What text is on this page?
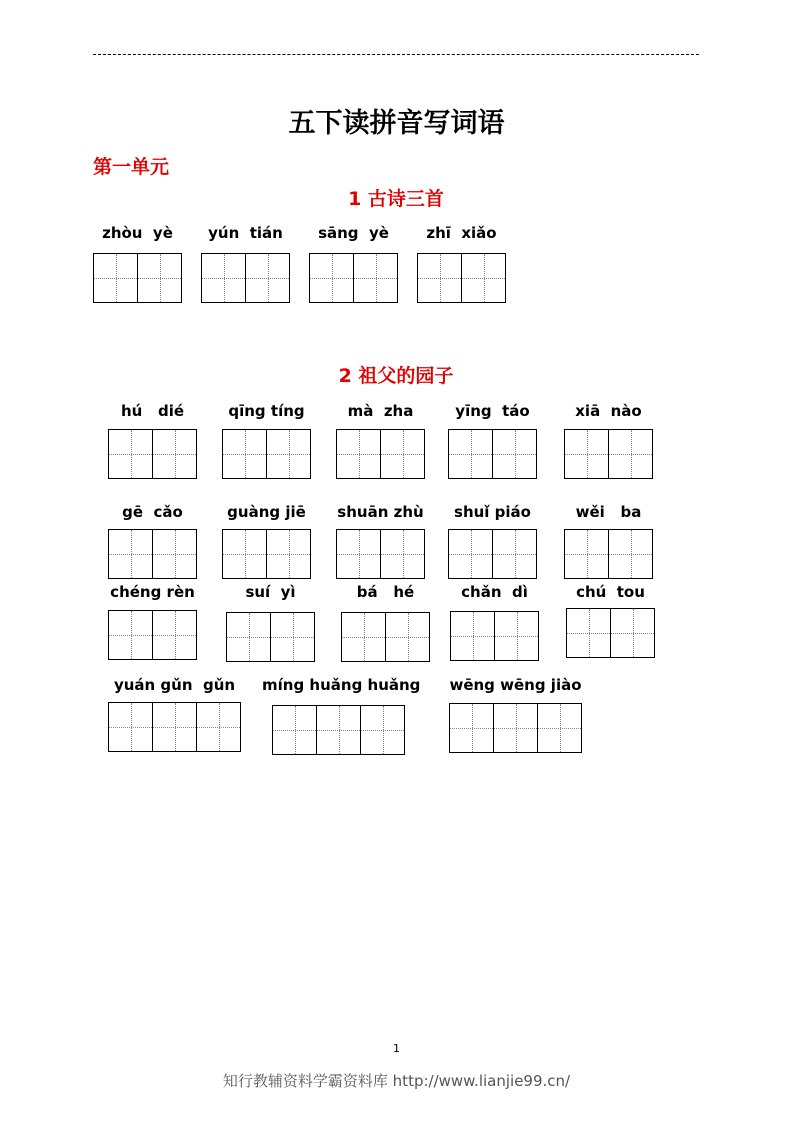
五下读拼音写词语
第一单元
1 古诗三首
2 祖父的园子
zhòu  yè	yún  tián	sāng  yè	zhī  xiǎo
hú   dié	qīng tíng	mà  zha	yīng  táo	xiā  nào
gē  cǎo	guàng jiē	shuān zhù	shuǐ piáo	wěi   ba
chéng rèn	suí  yì	bá   hé	chǎn  dì	chú  tou
yuán gǔn  gǔn	míng huǎng huǎng	wēng wēng jiào
1
知行教辅资料学霸资料库 http://www.lianjie99.cn/
